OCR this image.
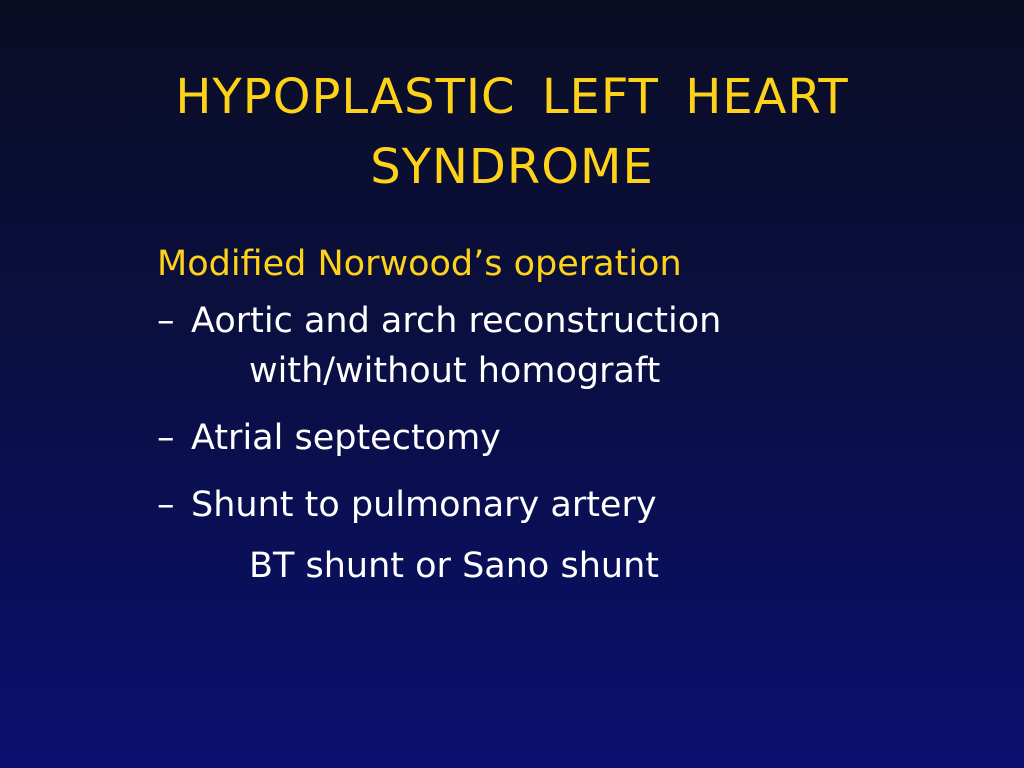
HYPOPLASTIC LEFT HEART
SYNDROME
Modified Norwood’s operation
– Aortic and arch reconstruction
with/without homograft
– Atrial septectomy
– Shunt to pulmonary artery
BT shunt or Sano shunt
